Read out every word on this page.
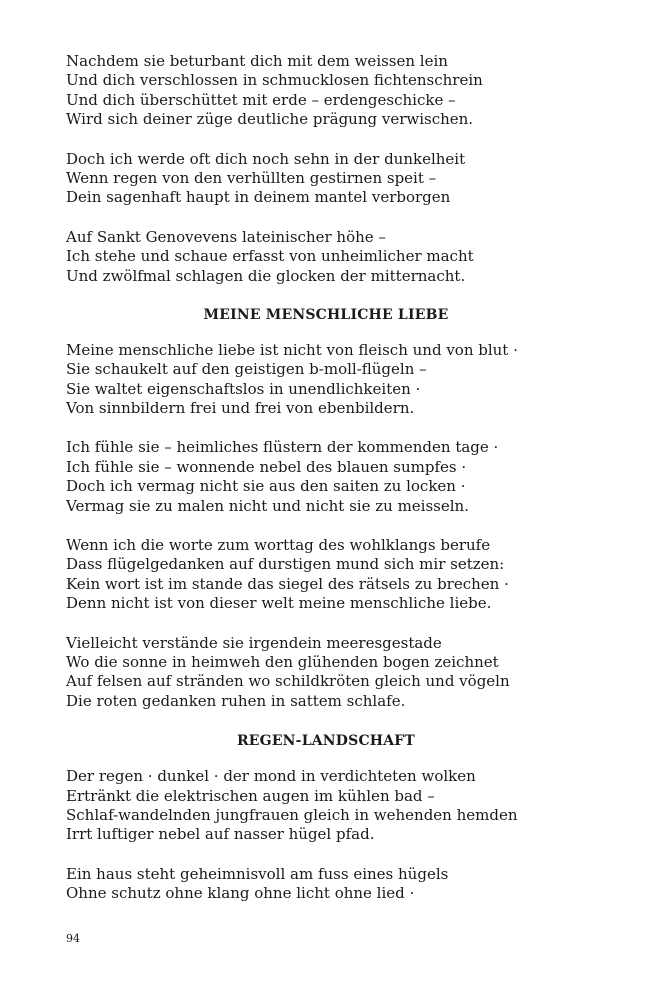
Nachdem sie beturbant dich mit dem weissen lein
Und dich verschlossen in schmucklosen fichtenschrein
Und dich überschüttet mit erde – erdengeschicke –
Wird sich deiner züge deutliche prägung verwischen.
Doch ich werde oft dich noch sehn in der dunkelheit
Wenn regen von den verhüllten gestirnen speit –
Dein sagenhaft haupt in deinem mantel verborgen
Auf Sankt Genovevens lateinischer höhe –
Ich stehe und schaue erfasst von unheimlicher macht
Und zwölfmal schlagen die glocken der mitternacht.
MEINE MENSCHLICHE LIEBE
Meine menschliche liebe ist nicht von fleisch und von blut ·
Sie schaukelt auf den geistigen b-moll-flügeln –
Sie waltet eigenschaftslos in unendlichkeiten ·
Von sinnbildern frei und frei von ebenbildern.
Ich fühle sie – heimliches flüstern der kommenden tage ·
Ich fühle sie – wonnende nebel des blauen sumpfes ·
Doch ich vermag nicht sie aus den saiten zu locken ·
Vermag sie zu malen nicht und nicht sie zu meisseln.
Wenn ich die worte zum worttag des wohlklangs berufe
Dass flügelgedanken auf durstigen mund sich mir setzen:
Kein wort ist im stande das siegel des rätsels zu brechen ·
Denn nicht ist von dieser welt meine menschliche liebe.
Vielleicht verstände sie irgendein meeresgestade
Wo die sonne in heimweh den glühenden bogen zeichnet
Auf felsen auf stränden wo schildkröten gleich und vögeln
Die roten gedanken ruhen in sattem schlafe.
REGEN-LANDSCHAFT
Der regen · dunkel · der mond in verdichteten wolken
Ertränkt die elektrischen augen im kühlen bad –
Schlaf-wandelnden jungfrauen gleich in wehenden hemden
Irrt luftiger nebel auf nasser hügel pfad.
Ein haus steht geheimnisvoll am fuss eines hügels
Ohne schutz ohne klang ohne licht ohne lied ·
94
